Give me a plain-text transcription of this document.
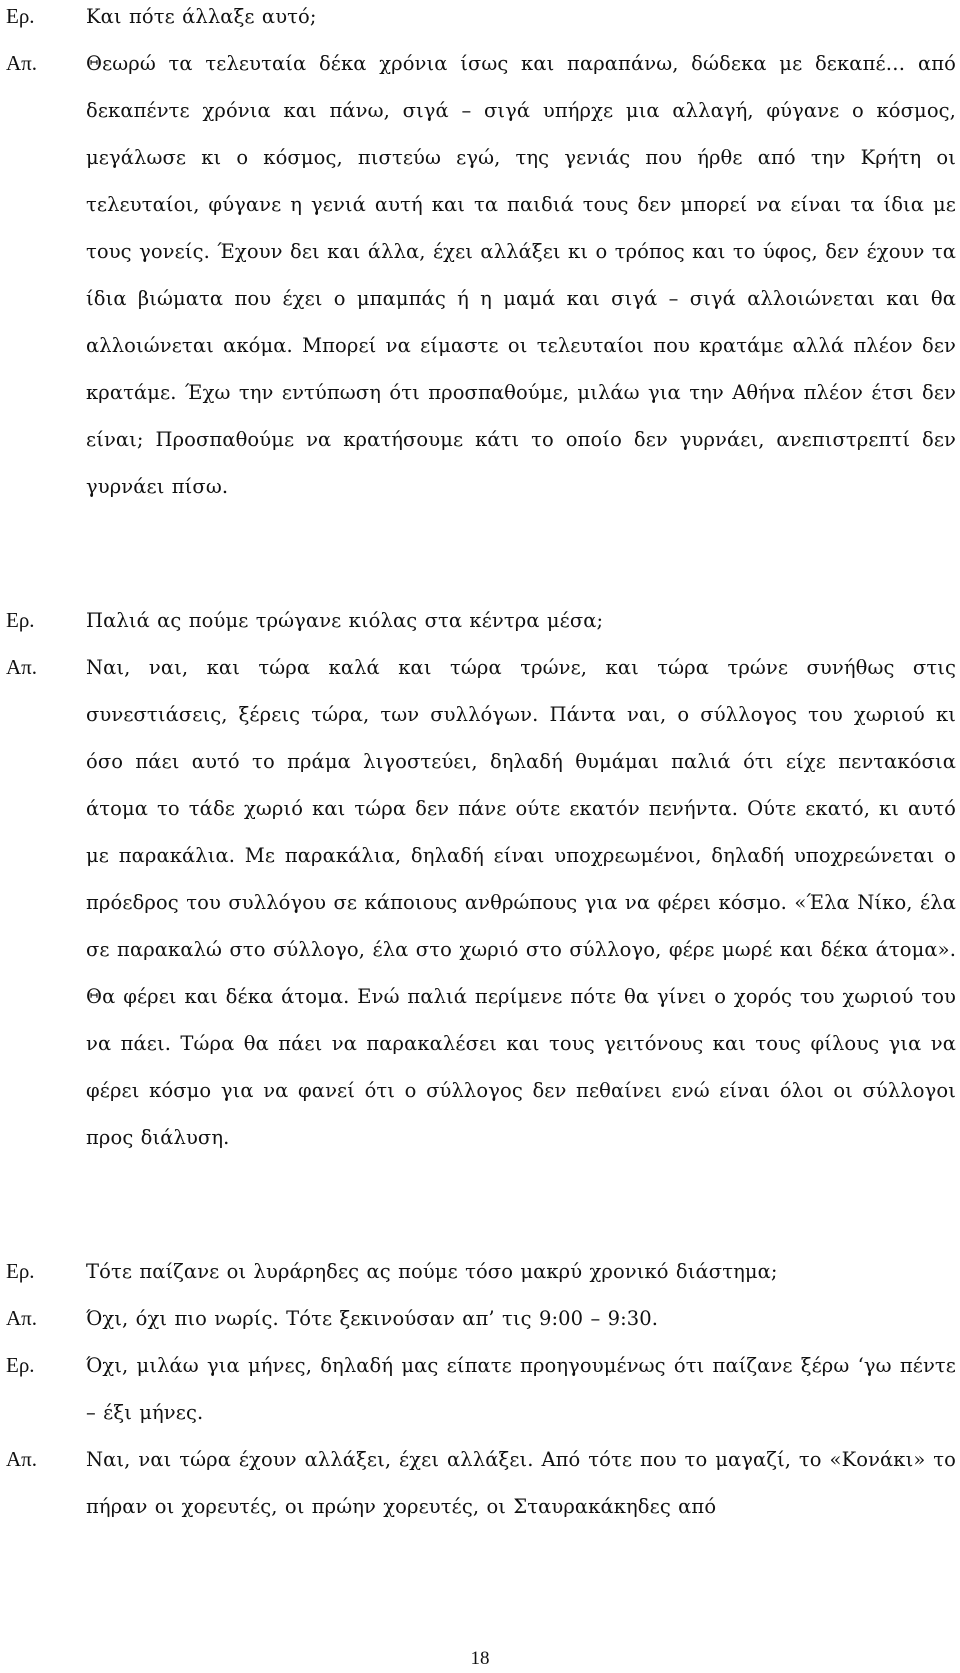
Ερ.	Και πότε άλλαξε αυτό;
Απ.	Θεωρώ τα τελευταία δέκα χρόνια ίσως και παραπάνω, δώδεκα με δεκαπέ… από δεκαπέντε χρόνια και πάνω, σιγά – σιγά υπήρχε μια αλλαγή, φύγανε ο κόσμος, μεγάλωσε κι ο κόσμος, πιστεύω εγώ, της γενιάς που ήρθε από την Κρήτη οι τελευταίοι, φύγανε η γενιά αυτή και τα παιδιά τους δεν μπορεί να είναι τα ίδια με τους γονείς. Έχουν δει και άλλα, έχει αλλάξει κι ο τρόπος και το ύφος, δεν έχουν τα ίδια βιώματα που έχει ο μπαμπάς ή η μαμά και σιγά – σιγά αλλοιώνεται και θα αλλοιώνεται ακόμα. Μπορεί να είμαστε οι τελευταίοι που κρατάμε αλλά πλέον δεν κρατάμε. Έχω την εντύπωση ότι προσπαθούμε, μιλάω για την Αθήνα πλέον έτσι δεν είναι; Προσπαθούμε να κρατήσουμε κάτι το οποίο δεν γυρνάει, ανεπιστρεπτί δεν γυρνάει πίσω.
Ερ.	Παλιά ας πούμε τρώγανε κιόλας στα κέντρα μέσα;
Απ.	Ναι, ναι, και τώρα καλά και τώρα τρώνε, και τώρα τρώνε συνήθως στις συνεστιάσεις, ξέρεις τώρα, των συλλόγων. Πάντα ναι, ο σύλλογος του χωριού κι όσο πάει αυτό το πράμα λιγοστεύει, δηλαδή θυμάμαι παλιά ότι είχε πεντακόσια άτομα το τάδε χωριό και τώρα δεν πάνε ούτε εκατόν πενήντα. Ούτε εκατό, κι αυτό με παρακάλια. Με παρακάλια, δηλαδή είναι υποχρεωμένοι, δηλαδή υποχρεώνεται ο πρόεδρος του συλλόγου σε κάποιους ανθρώπους για να φέρει κόσμο. «Έλα Νίκο, έλα σε παρακαλώ στο σύλλογο, έλα στο χωριό στο σύλλογο, φέρε μωρέ και δέκα άτομα». Θα φέρει και δέκα άτομα. Ενώ παλιά περίμενε πότε θα γίνει ο χορός του χωριού του να πάει. Τώρα θα πάει να παρακαλέσει και τους γειτόνους και τους φίλους για να φέρει κόσμο για να φανεί ότι ο σύλλογος δεν πεθαίνει ενώ είναι όλοι οι σύλλογοι προς διάλυση.
Ερ.	Τότε παίζανε οι λυράρηδες ας πούμε τόσο μακρύ χρονικό διάστημα;
Απ.	Όχι, όχι πιο νωρίς. Τότε ξεκινούσαν απ’ τις 9:00 – 9:30.
Ερ.	Όχι, μιλάω για μήνες, δηλαδή μας είπατε προηγουμένως ότι παίζανε ξέρω ‘γω πέντε – έξι μήνες.
Απ.	Ναι, ναι τώρα έχουν αλλάξει, έχει αλλάξει. Από τότε που το μαγαζί, το «Κονάκι» το πήραν οι χορευτές, οι πρώην χορευτές, οι Σταυρακάκηδες από
18
